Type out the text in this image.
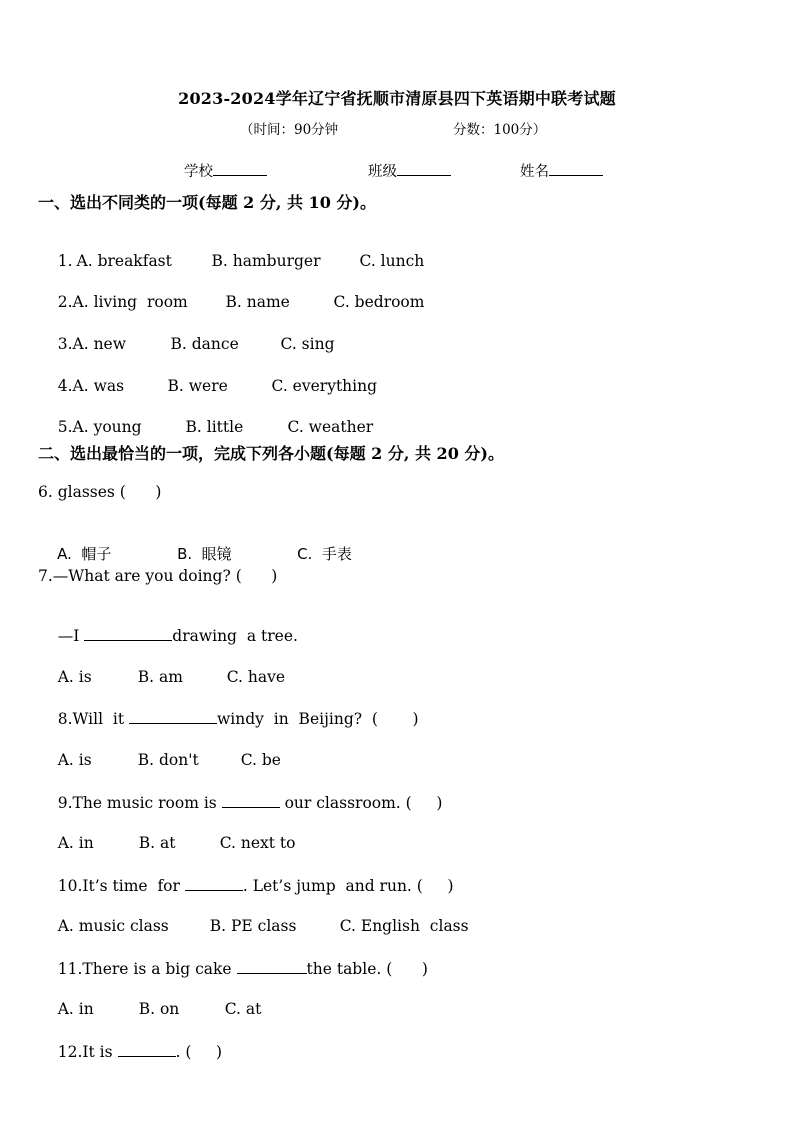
2023-2024学年辽宁省抚顺市清原县四下英语期中联考试题
（时间：90分钟	分数：100分）
学校	班级	姓名
一、选出不同类的一项(每题 2 分, 共 10 分)。

1. A. breakfast	B. hamburger	C. lunch

2.A. living  room B. name	C. bedroom

3.A. new	B. dance	C. sing

4.A. was	B. were	C. everything

5.A. young	B. little	C. weather

二、选出最恰当的一项，完成下列各小题(每题 2 分, 共 20 分)。
6. glasses (      )

A.  帽子	B.  眼镜	C.  手表

7.—What are you doing? (      )

—I	drawing  a tree.

A. is	B. am	C. have

8.Will  it	windy  in  Beijing?  (       )

A. is	B. don't	C. be

9.The music room is	our classroom. (     )

A. in	B. at	C. next to

10.It’s time  for	. Let’s jump  and run. (     )

A. music class	B. PE class	C. English  class

11.There is a big cake	the table. (      )

A. in	B. on	C. at

12.It is	. (     )
